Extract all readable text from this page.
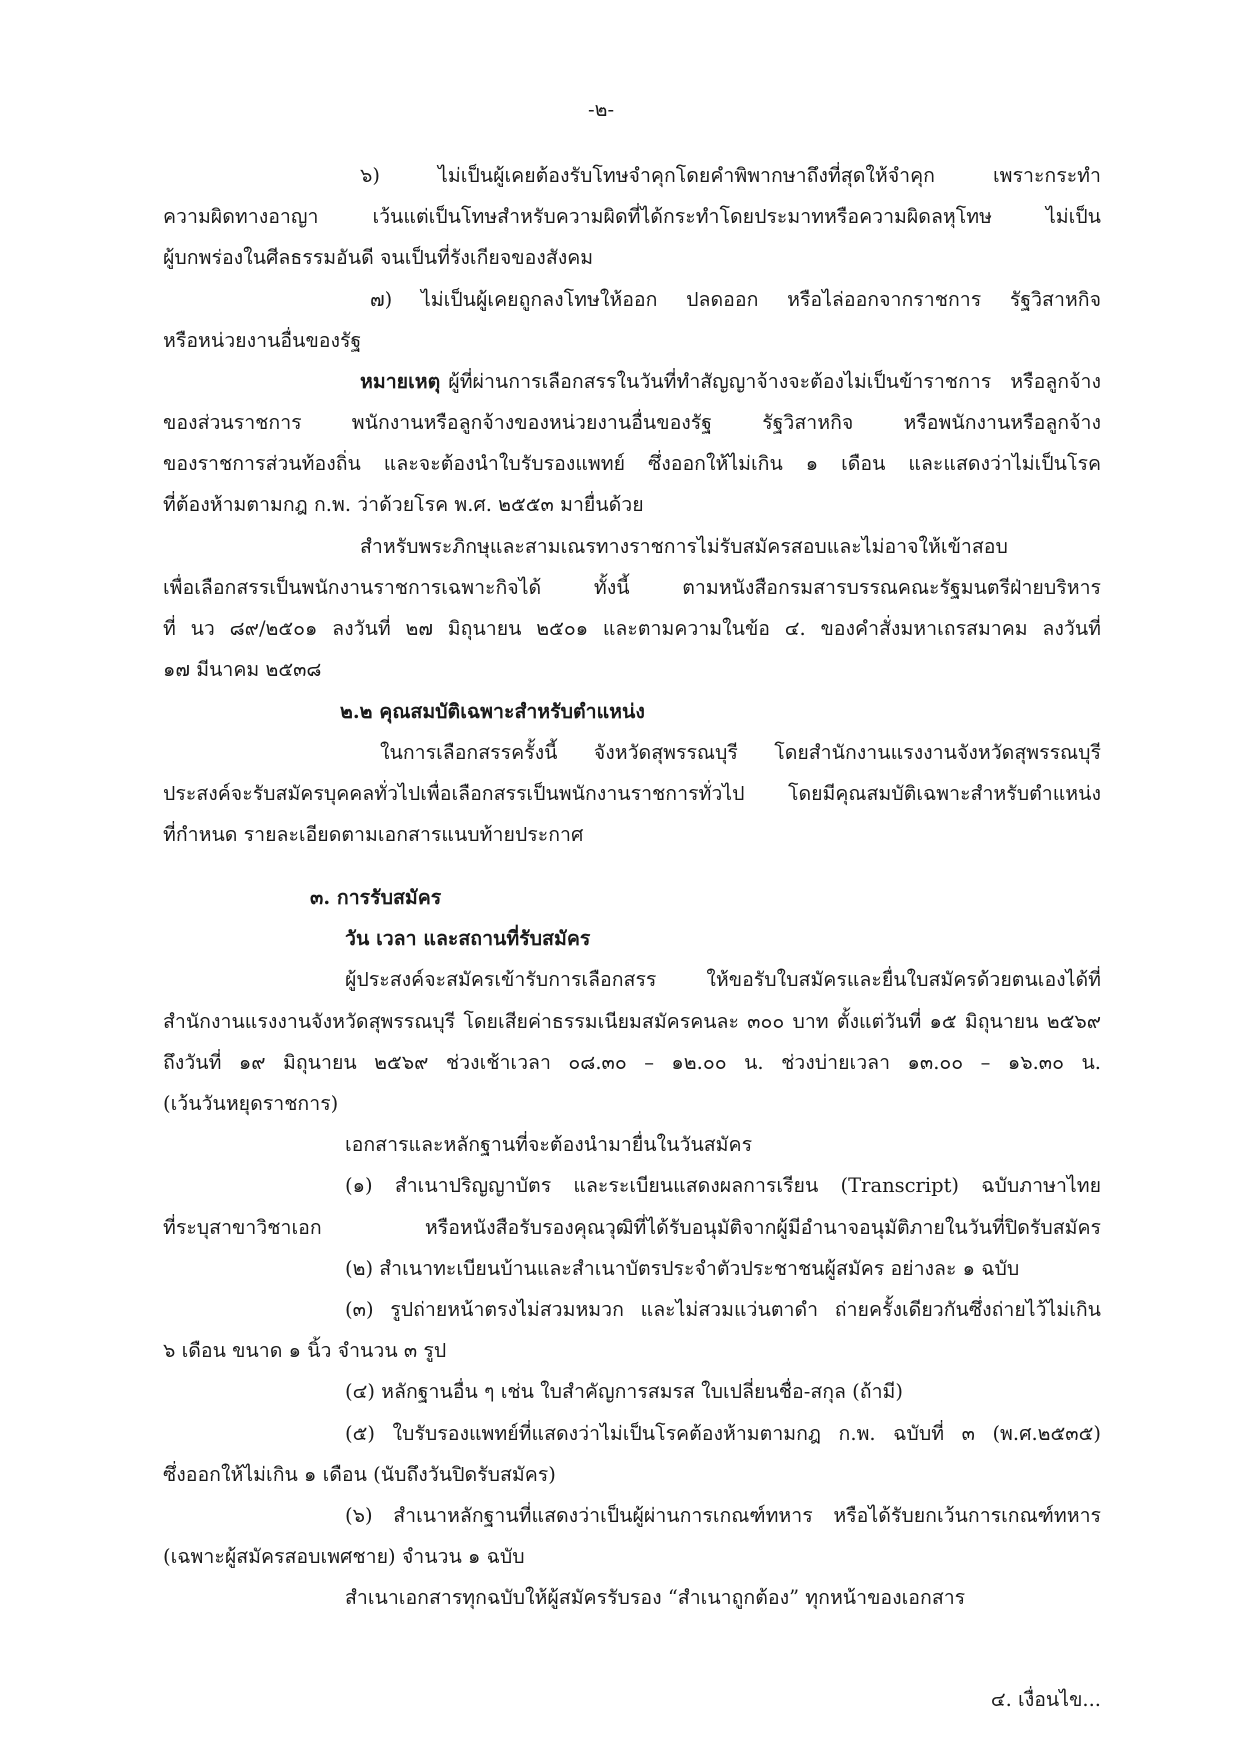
-๒-
๖) ไม่เป็นผู้เคยต้องรับโทษจำคุกโดยคำพิพากษาถึงที่สุดให้จำคุก เพราะกระทำ
ความผิดทางอาญา เว้นแต่เป็นโทษสำหรับความผิดที่ได้กระทำโดยประมาทหรือความผิดลหุโทษ ไม่เป็น
ผู้บกพร่องในศีลธรรมอันดี จนเป็นที่รังเกียจของสังคม
๗) ไม่เป็นผู้เคยถูกลงโทษให้ออก ปลดออก หรือไล่ออกจากราชการ รัฐวิสาหกิจ
หรือหน่วยงานอื่นของรัฐ
หมายเหตุ ผู้ที่ผ่านการเลือกสรรในวันที่ทำสัญญาจ้างจะต้องไม่เป็นข้าราชการ หรือลูกจ้าง
ของส่วนราชการ พนักงานหรือลูกจ้างของหน่วยงานอื่นของรัฐ รัฐวิสาหกิจ หรือพนักงานหรือลูกจ้าง
ของราชการส่วนท้องถิ่น และจะต้องนำใบรับรองแพทย์ ซึ่งออกให้ไม่เกิน ๑ เดือน และแสดงว่าไม่เป็นโรค
ที่ต้องห้ามตามกฎ ก.พ. ว่าด้วยโรค พ.ศ. ๒๕๕๓ มายื่นด้วย
สำหรับพระภิกษุและสามเณรทางราชการไม่รับสมัครสอบและไม่อาจให้เข้าสอบ
เพื่อเลือกสรรเป็นพนักงานราชการเฉพาะกิจได้ ทั้งนี้ ตามหนังสือกรมสารบรรณคณะรัฐมนตรีฝ่ายบริหาร
ที่ นว ๘๙/๒๕๐๑ ลงวันที่ ๒๗ มิถุนายน ๒๕๐๑ และตามความในข้อ ๔. ของคำสั่งมหาเถรสมาคม ลงวันที่
๑๗ มีนาคม ๒๕๓๘
๒.๒ คุณสมบัติเฉพาะสำหรับตำแหน่ง
ในการเลือกสรรครั้งนี้ จังหวัดสุพรรณบุรี โดยสำนักงานแรงงานจังหวัดสุพรรณบุรี
ประสงค์จะรับสมัครบุคคลทั่วไปเพื่อเลือกสรรเป็นพนักงานราชการทั่วไป โดยมีคุณสมบัติเฉพาะสำหรับตำแหน่ง
ที่กำหนด รายละเอียดตามเอกสารแนบท้ายประกาศ
๓. การรับสมัคร
วัน เวลา และสถานที่รับสมัคร
ผู้ประสงค์จะสมัครเข้ารับการเลือกสรร ให้ขอรับใบสมัครและยื่นใบสมัครด้วยตนเองได้ที่
สำนักงานแรงงานจังหวัดสุพรรณบุรี โดยเสียค่าธรรมเนียมสมัครคนละ ๓๐๐ บาท ตั้งแต่วันที่ ๑๕ มิถุนายน ๒๕๖๙
ถึงวันที่ ๑๙ มิถุนายน ๒๕๖๙ ช่วงเช้าเวลา ๐๘.๓๐ – ๑๒.๐๐ น. ช่วงบ่ายเวลา ๑๓.๐๐ – ๑๖.๓๐ น.
(เว้นวันหยุดราชการ)
เอกสารและหลักฐานที่จะต้องนำมายื่นในวันสมัคร
(๑) สำเนาปริญญาบัตร และระเบียนแสดงผลการเรียน (Transcript) ฉบับภาษาไทย
ที่ระบุสาขาวิชาเอก หรือหนังสือรับรองคุณวุฒิที่ได้รับอนุมัติจากผู้มีอำนาจอนุมัติภายในวันที่ปิดรับสมัคร
(๒) สำเนาทะเบียนบ้านและสำเนาบัตรประจำตัวประชาชนผู้สมัคร อย่างละ ๑ ฉบับ
(๓) รูปถ่ายหน้าตรงไม่สวมหมวก และไม่สวมแว่นตาดำ ถ่ายครั้งเดียวกันซึ่งถ่ายไว้ไม่เกิน
๖ เดือน ขนาด ๑ นิ้ว จำนวน ๓ รูป
(๔) หลักฐานอื่น ๆ เช่น ใบสำคัญการสมรส ใบเปลี่ยนชื่อ-สกุล (ถ้ามี)
(๕) ใบรับรองแพทย์ที่แสดงว่าไม่เป็นโรคต้องห้ามตามกฎ ก.พ. ฉบับที่ ๓ (พ.ศ.๒๕๓๕)
ซึ่งออกให้ไม่เกิน ๑ เดือน (นับถึงวันปิดรับสมัคร)
(๖) สำเนาหลักฐานที่แสดงว่าเป็นผู้ผ่านการเกณฑ์ทหาร หรือได้รับยกเว้นการเกณฑ์ทหาร
(เฉพาะผู้สมัครสอบเพศชาย) จำนวน ๑ ฉบับ
สำเนาเอกสารทุกฉบับให้ผู้สมัครรับรอง “สำเนาถูกต้อง” ทุกหน้าของเอกสาร
๔. เงื่อนไข...
